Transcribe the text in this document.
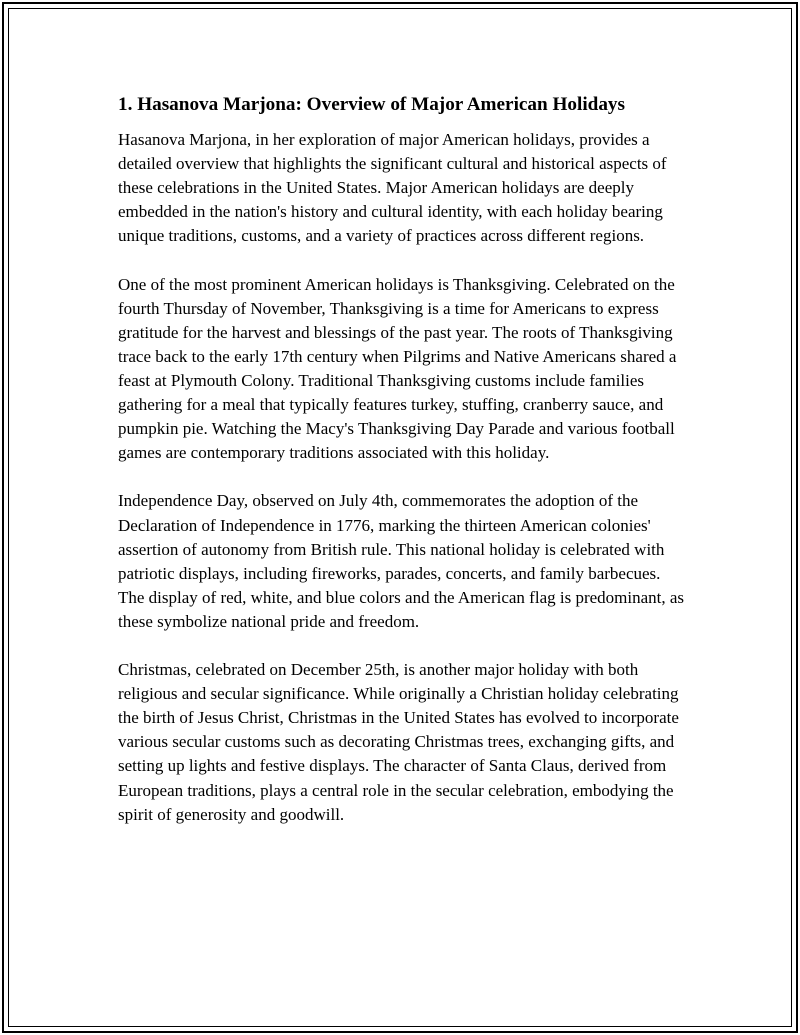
1. Hasanova Marjona: Overview of Major American Holidays

Hasanova Marjona, in her exploration of major American holidays, provides a detailed overview that highlights the significant cultural and historical aspects of these celebrations in the United States. Major American holidays are deeply embedded in the nation's history and cultural identity, with each holiday bearing unique traditions, customs, and a variety of practices across different regions.

One of the most prominent American holidays is Thanksgiving. Celebrated on the fourth Thursday of November, Thanksgiving is a time for Americans to express gratitude for the harvest and blessings of the past year. The roots of Thanksgiving trace back to the early 17th century when Pilgrims and Native Americans shared a feast at Plymouth Colony. Traditional Thanksgiving customs include families gathering for a meal that typically features turkey, stuffing, cranberry sauce, and pumpkin pie. Watching the Macy's Thanksgiving Day Parade and various football games are contemporary traditions associated with this holiday.

Independence Day, observed on July 4th, commemorates the adoption of the Declaration of Independence in 1776, marking the thirteen American colonies' assertion of autonomy from British rule. This national holiday is celebrated with patriotic displays, including fireworks, parades, concerts, and family barbecues. The display of red, white, and blue colors and the American flag is predominant, as these symbolize national pride and freedom.

Christmas, celebrated on December 25th, is another major holiday with both religious and secular significance. While originally a Christian holiday celebrating the birth of Jesus Christ, Christmas in the United States has evolved to incorporate various secular customs such as decorating Christmas trees, exchanging gifts, and setting up lights and festive displays. The character of Santa Claus, derived from European traditions, plays a central role in the secular celebration, embodying the spirit of generosity and goodwill.
